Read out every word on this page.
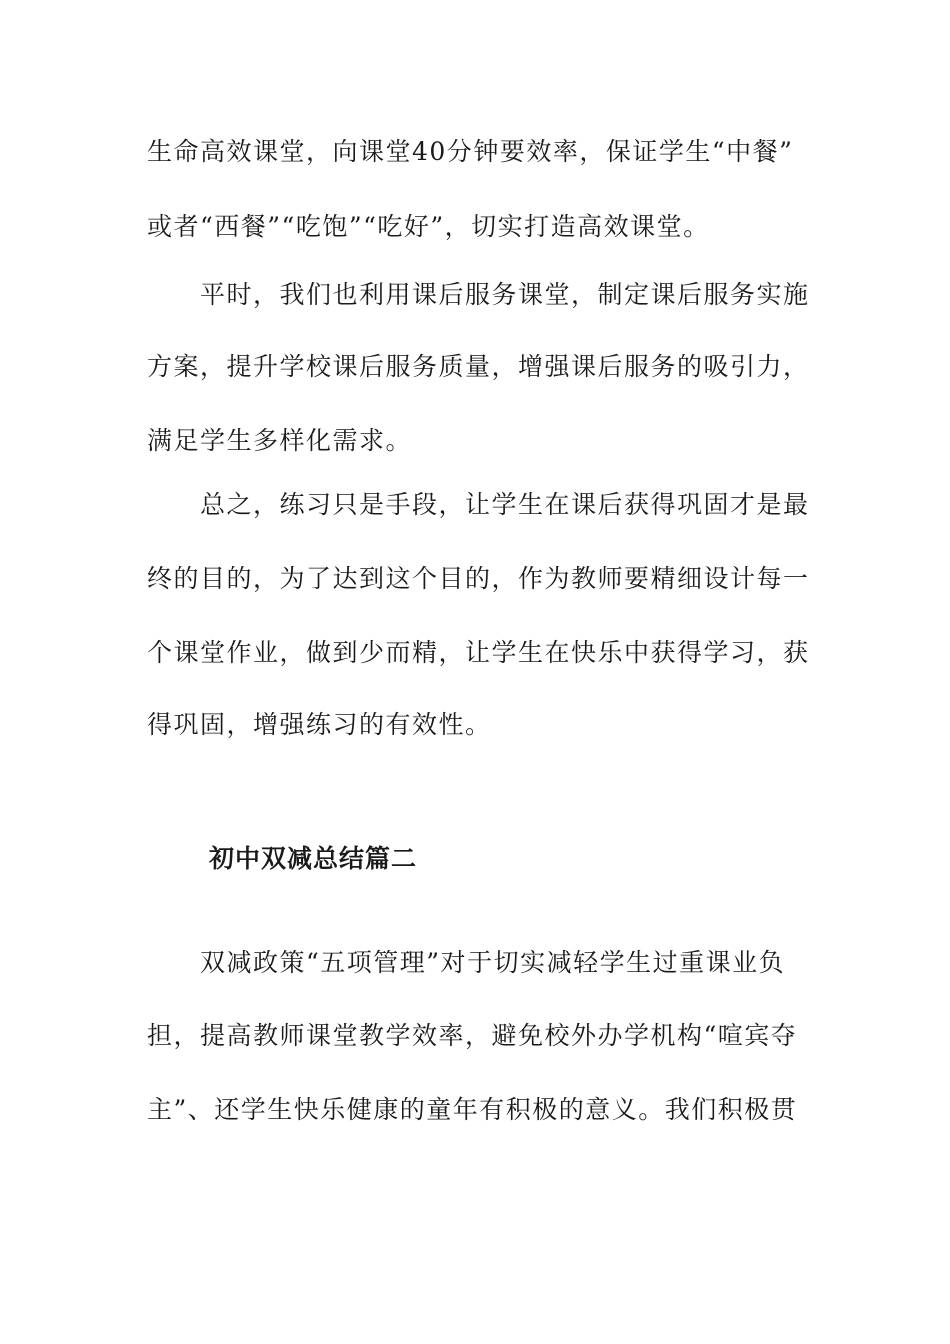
生命高效课堂，向课堂40分钟要效率，保证学生“中餐”
或者“西餐”“吃饱”“吃好”，切实打造高效课堂。
　　平时，我们也利用课后服务课堂，制定课后服务实施
方案，提升学校课后服务质量，增强课后服务的吸引力，
满足学生多样化需求。
　　总之，练习只是手段，让学生在课后获得巩固才是最
终的目的，为了达到这个目的，作为教师要精细设计每一
个课堂作业，做到少而精，让学生在快乐中获得学习，获
得巩固，增强练习的有效性。
初中双减总结篇二
　　双减政策“五项管理”对于切实减轻学生过重课业负
担，提高教师课堂教学效率，避免校外办学机构“喧宾夺
主”、还学生快乐健康的童年有积极的意义。我们积极贯
